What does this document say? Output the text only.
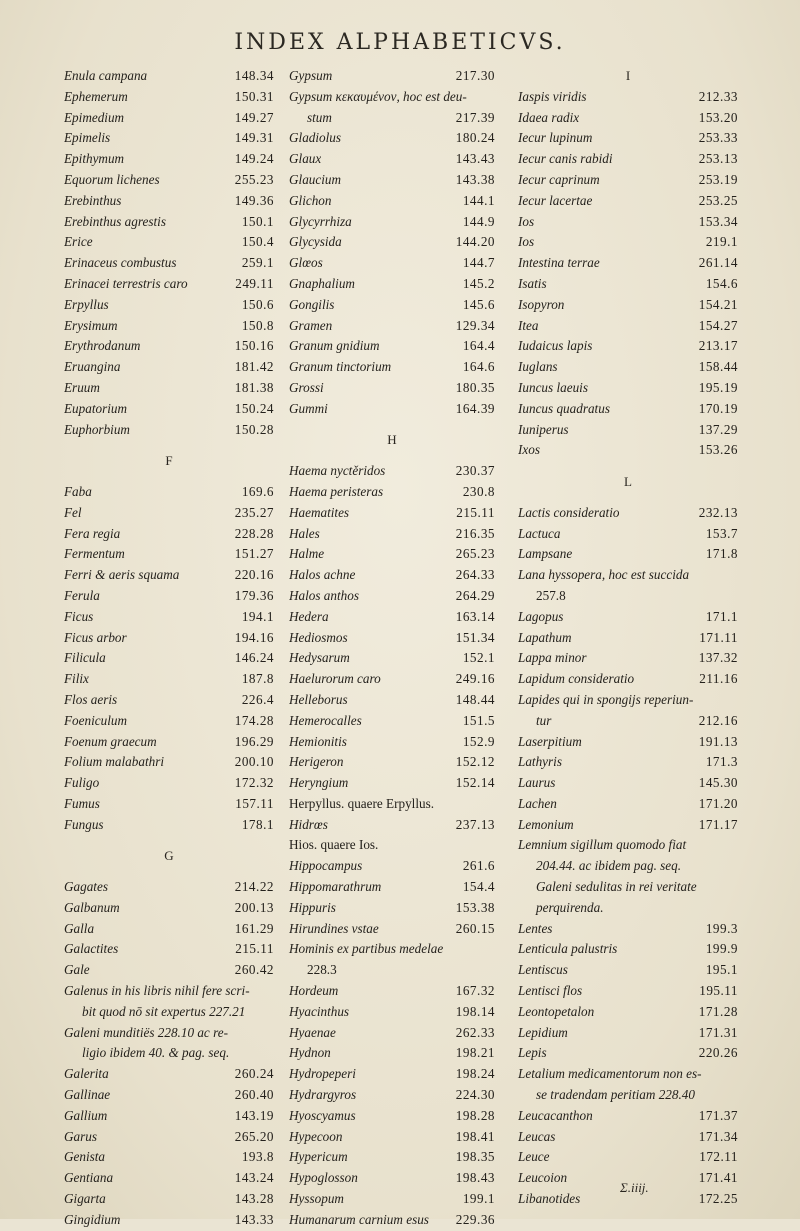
INDEX ALPHABETICVS.
Enula campana	148.34
Ephemerum	150.31
Epimedium	149.27
Epimelis	149.31
Epithymum	149.24
Equorum lichenes	255.23
Erebinthus	149.36
Erebinthus agrestis	150.1
Erice	150.4
Erinaceus combustus	259.1
Erinacei terrestris caro	249.11
Erpyllus	150.6
Erysimum	150.8
Erythrodanum	150.16
Eruangina	181.42
Eruum	181.38
Eupatorium	150.24
Euphorbium	150.28
F
Faba	169.6
Fel	235.27
Fera regia	228.28
Fermentum	151.27
Ferri & aeris squama	220.16
Ferula	179.36
Ficus	194.1
Ficus arbor	194.16
Filicula	146.24
Filix	187.8
Flos aeris	226.4
Foeniculum	174.28
Foenum graecum	196.29
Folium malabathri	200.10
Fuligo	172.32
Fumus	157.11
Fungus	178.1
G
Gagates	214.22
Galbanum	200.13
Galla	161.29
Galactites	215.11
Gale	260.42
Galenus in his libris nihil fere scri-
bit quod nō sit expertus 227.21
Galeni munditiës 228.10 ac re-
ligio ibidem 40. & pag. seq.
Galerita	260.24
Gallinae	260.40
Gallium	143.19
Garus	265.20
Genista	193.8
Gentiana	143.24
Gigarta	143.28
Gingidium	143.33
Gypsum	217.30
Gypsum κεκαυμένον, hoc est deu-
stum	217.39
Gladiolus	180.24
Glaux	143.43
Glaucium	143.38
Glichon	144.1
Glycyrrhiza	144.9
Glycysida	144.20
Glœos	144.7
Gnaphalium	145.2
Gongilis	145.6
Gramen	129.34
Granum gnidium	164.4
Granum tinctorium	164.6
Grossi	180.35
Gummi	164.39
H
Haema nyctěridos	230.37
Haema peristeras	230.8
Haematites	215.11
Hales	216.35
Halme	265.23
Halos achne	264.33
Halos anthos	264.29
Hedera	163.14
Hediosmos	151.34
Hedysarum	152.1
Haelurorum caro	249.16
Helleborus	148.44
Hemerocalles	151.5
Hemionitis	152.9
Herigeron	152.12
Heryngium	152.14
Herpyllus. quaere Erpyllus.
Hidrœs	237.13
Hios. quaere Ios.
Hippocampus	261.6
Hippomarathrum	154.4
Hippuris	153.38
Hirundines vstae	260.15
Hominis ex partibus medelae
228.3
Hordeum	167.32
Hyacinthus	198.14
Hyaenae	262.33
Hydnon	198.21
Hydropeperi	198.24
Hydrargyros	224.30
Hyoscyamus	198.28
Hypecoon	198.41
Hypericum	198.35
Hypoglosson	198.43
Hyssopum	199.1
Humanarum carnium esus	229.36
I
Iaspis viridis	212.33
Idaea radix	153.20
Iecur lupinum	253.33
Iecur canis rabidi	253.13
Iecur caprinum	253.19
Iecur lacertae	253.25
Ios	153.34
Ios	219.1
Intestina terrae	261.14
Isatis	154.6
Isopyron	154.21
Itea	154.27
Iudaicus lapis	213.17
Iuglans	158.44
Iuncus laeuis	195.19
Iuncus quadratus	170.19
Iuniperus	137.29
Ixos	153.26
L
Lactis consideratio	232.13
Lactuca	153.7
Lampsane	171.8
Lana hyssopera, hoc est succida
257.8
Lagopus	171.1
Lapathum	171.11
Lappa minor	137.32
Lapidum consideratio	211.16
Lapides qui in spongijs reperiun-
tur	212.16
Laserpitium	191.13
Lathyris	171.3
Laurus	145.30
Lachen	171.20
Lemonium	171.17
Lemnium sigillum quomodo fiat
204.44. ac ibidem pag. seq.
Galeni sedulitas in rei veritate
perquirenda.
Lentes	199.3
Lenticula palustris	199.9
Lentiscus	195.1
Lentisci flos	195.11
Leontopetalon	171.28
Lepidium	171.31
Lepis	220.26
Letalium medicamentorum non es-
se tradendam peritiam 228.40
Leucacanthon	171.37
Leucas	171.34
Leuce	172.11
Leucoion	171.41
Libanotides	172.25
Σ.iiij.
